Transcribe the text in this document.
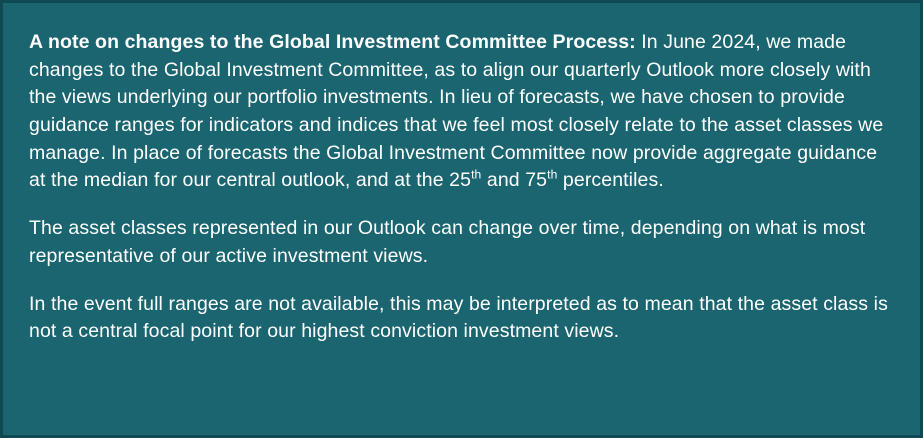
A note on changes to the Global Investment Committee Process: In June 2024, we made changes to the Global Investment Committee, as to align our quarterly Outlook more closely with the views underlying our portfolio investments. In lieu of forecasts, we have chosen to provide guidance ranges for indicators and indices that we feel most closely relate to the asset classes we manage. In place of forecasts the Global Investment Committee now provide aggregate guidance at the median for our central outlook, and at the 25th and 75th percentiles.

The asset classes represented in our Outlook can change over time, depending on what is most representative of our active investment views.

In the event full ranges are not available, this may be interpreted as to mean that the asset class is not a central focal point for our highest conviction investment views.
